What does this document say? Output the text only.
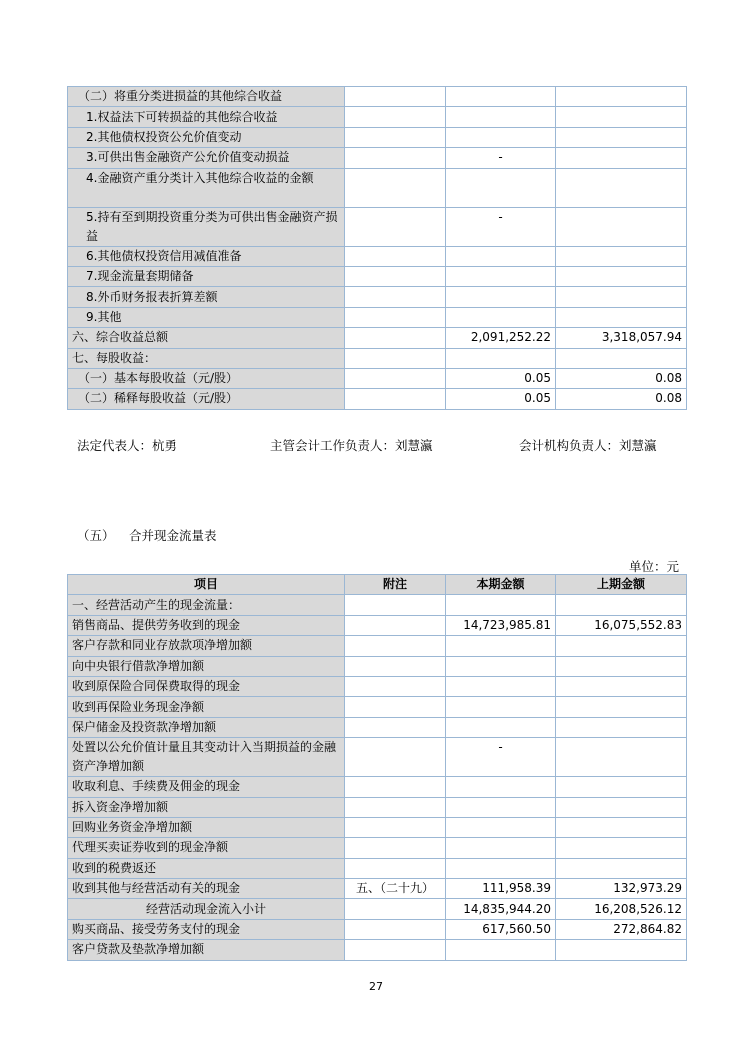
（二）将重分类进损益的其他综合收益			
1.权益法下可转损益的其他综合收益			
2.其他债权投资公允价值变动			
3.可供出售金融资产公允价值变动损益		-	
4.金融资产重分类计入其他综合收益的金额			
5.持有至到期投资重分类为可供出售金融资产损益		-	
6.其他债权投资信用减值准备			
7.现金流量套期储备			
8.外币财务报表折算差额			
9.其他			
六、综合收益总额		2,091,252.22	3,318,057.94
七、每股收益：			
（一）基本每股收益（元/股）		0.05	0.08
（二）稀释每股收益（元/股）		0.05	0.08
法定代表人：杭勇	主管会计工作负责人：刘慧瀛	会计机构负责人：刘慧瀛
（五） 合并现金流量表
单位：元
项目	附注	本期金额	上期金额
一、经营活动产生的现金流量：			
销售商品、提供劳务收到的现金		14,723,985.81	16,075,552.83
客户存款和同业存放款项净增加额			
向中央银行借款净增加额			
收到原保险合同保费取得的现金			
收到再保险业务现金净额			
保户储金及投资款净增加额			
处置以公允价值计量且其变动计入当期损益的金融资产净增加额		-	
收取利息、手续费及佣金的现金			
拆入资金净增加额			
回购业务资金净增加额			
代理买卖证券收到的现金净额			
收到的税费返还			
收到其他与经营活动有关的现金	五、（二十九）	111,958.39	132,973.29
经营活动现金流入小计		14,835,944.20	16,208,526.12
购买商品、接受劳务支付的现金		617,560.50	272,864.82
客户贷款及垫款净增加额			
27
